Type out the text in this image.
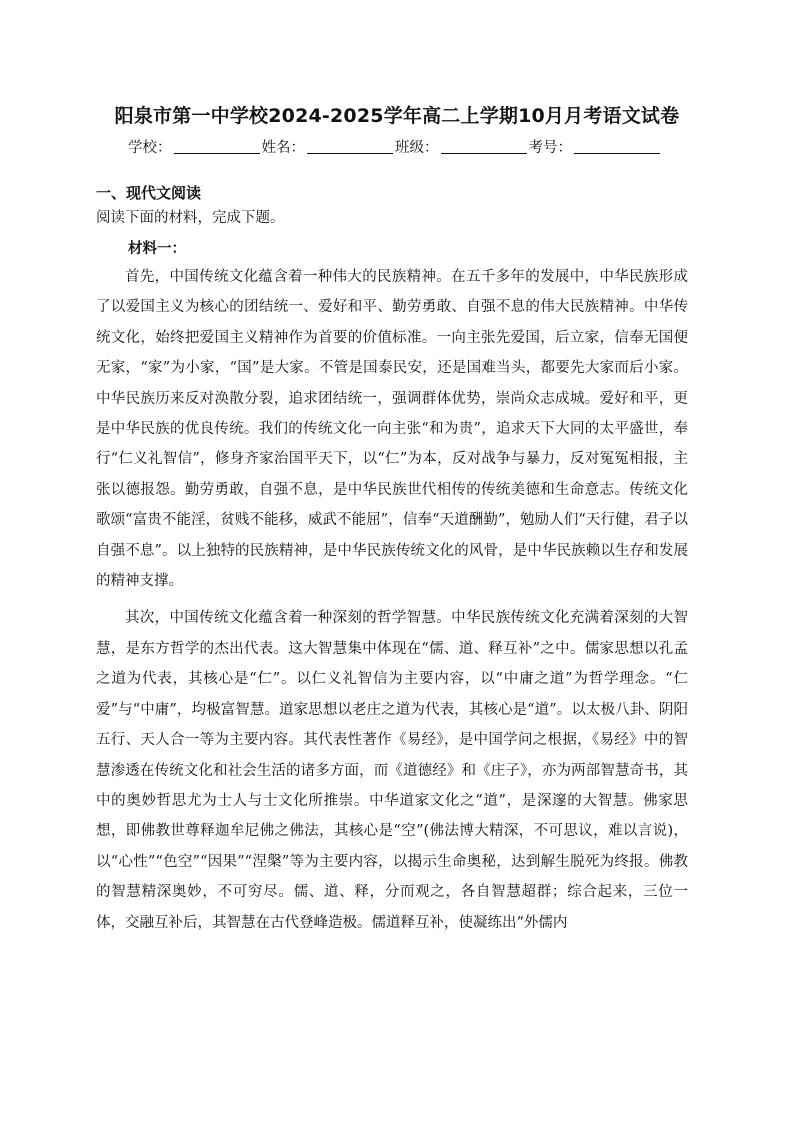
阳泉市第一中学校2024-2025学年高二上学期10月月考语文试卷
学校：	姓名：	班级：	考号：
一、现代文阅读
阅读下面的材料，完成下题。
材料一：

首先，中国传统文化蕴含着一种伟大的民族精神。在五千多年的发展中，中华民族形成了以爱国主义为核心的团结统一、爱好和平、勤劳勇敢、自强不息的伟大民族精神。中华传统文化，始终把爱国主义精神作为首要的价值标准。一向主张先爱国，后立家，信奉无国便无家，“家”为小家，“国”是大家。不管是国泰民安，还是国难当头，都要先大家而后小家。中华民族历来反对涣散分裂，追求团结统一，强调群体优势，崇尚众志成城。爱好和平，更是中华民族的优良传统。我们的传统文化一向主张“和为贵”，追求天下大同的太平盛世，奉行“仁义礼智信”，修身齐家治国平天下，以“仁”为本，反对战争与暴力，反对冤冤相报，主张以德报怨。勤劳勇敢，自强不息，是中华民族世代相传的传统美德和生命意志。传统文化歌颂“富贵不能淫，贫贱不能移，威武不能屈”，信奉“天道酬勤”，勉励人们“天行健，君子以自强不息”。以上独特的民族精神，是中华民族传统文化的风骨，是中华民族赖以生存和发展的精神支撑。

其次，中国传统文化蕴含着一种深刻的哲学智慧。中华民族传统文化充满着深刻的大智慧，是东方哲学的杰出代表。这大智慧集中体现在“儒、道、释互补”之中。儒家思想以孔孟之道为代表，其核心是“仁”。以仁义礼智信为主要内容，以“中庸之道”为哲学理念。“仁爱”与“中庸”，均极富智慧。道家思想以老庄之道为代表，其核心是“道”。以太极八卦、阴阳五行、天人合一等为主要内容。其代表性著作《易经》，是中国学问之根据，《易经》中的智慧渗透在传统文化和社会生活的诸多方面，而《道德经》和《庄子》，亦为两部智慧奇书，其中的奥妙哲思尤为士人与士文化所推崇。中华道家文化之“道”，是深邃的大智慧。佛家思想，即佛教世尊释迦牟尼佛之佛法，其核心是“空”(佛法博大精深，不可思议，难以言说)，以“心性”“色空”“因果”“涅槃”等为主要内容，以揭示生命奥秘，达到解生脱死为终报。佛教的智慧精深奥妙，不可穷尽。儒、道、释，分而观之，各自智慧超群；综合起来，三位一体，交融互补后，其智慧在古代登峰造极。儒道释互补，使凝练出“外儒内
